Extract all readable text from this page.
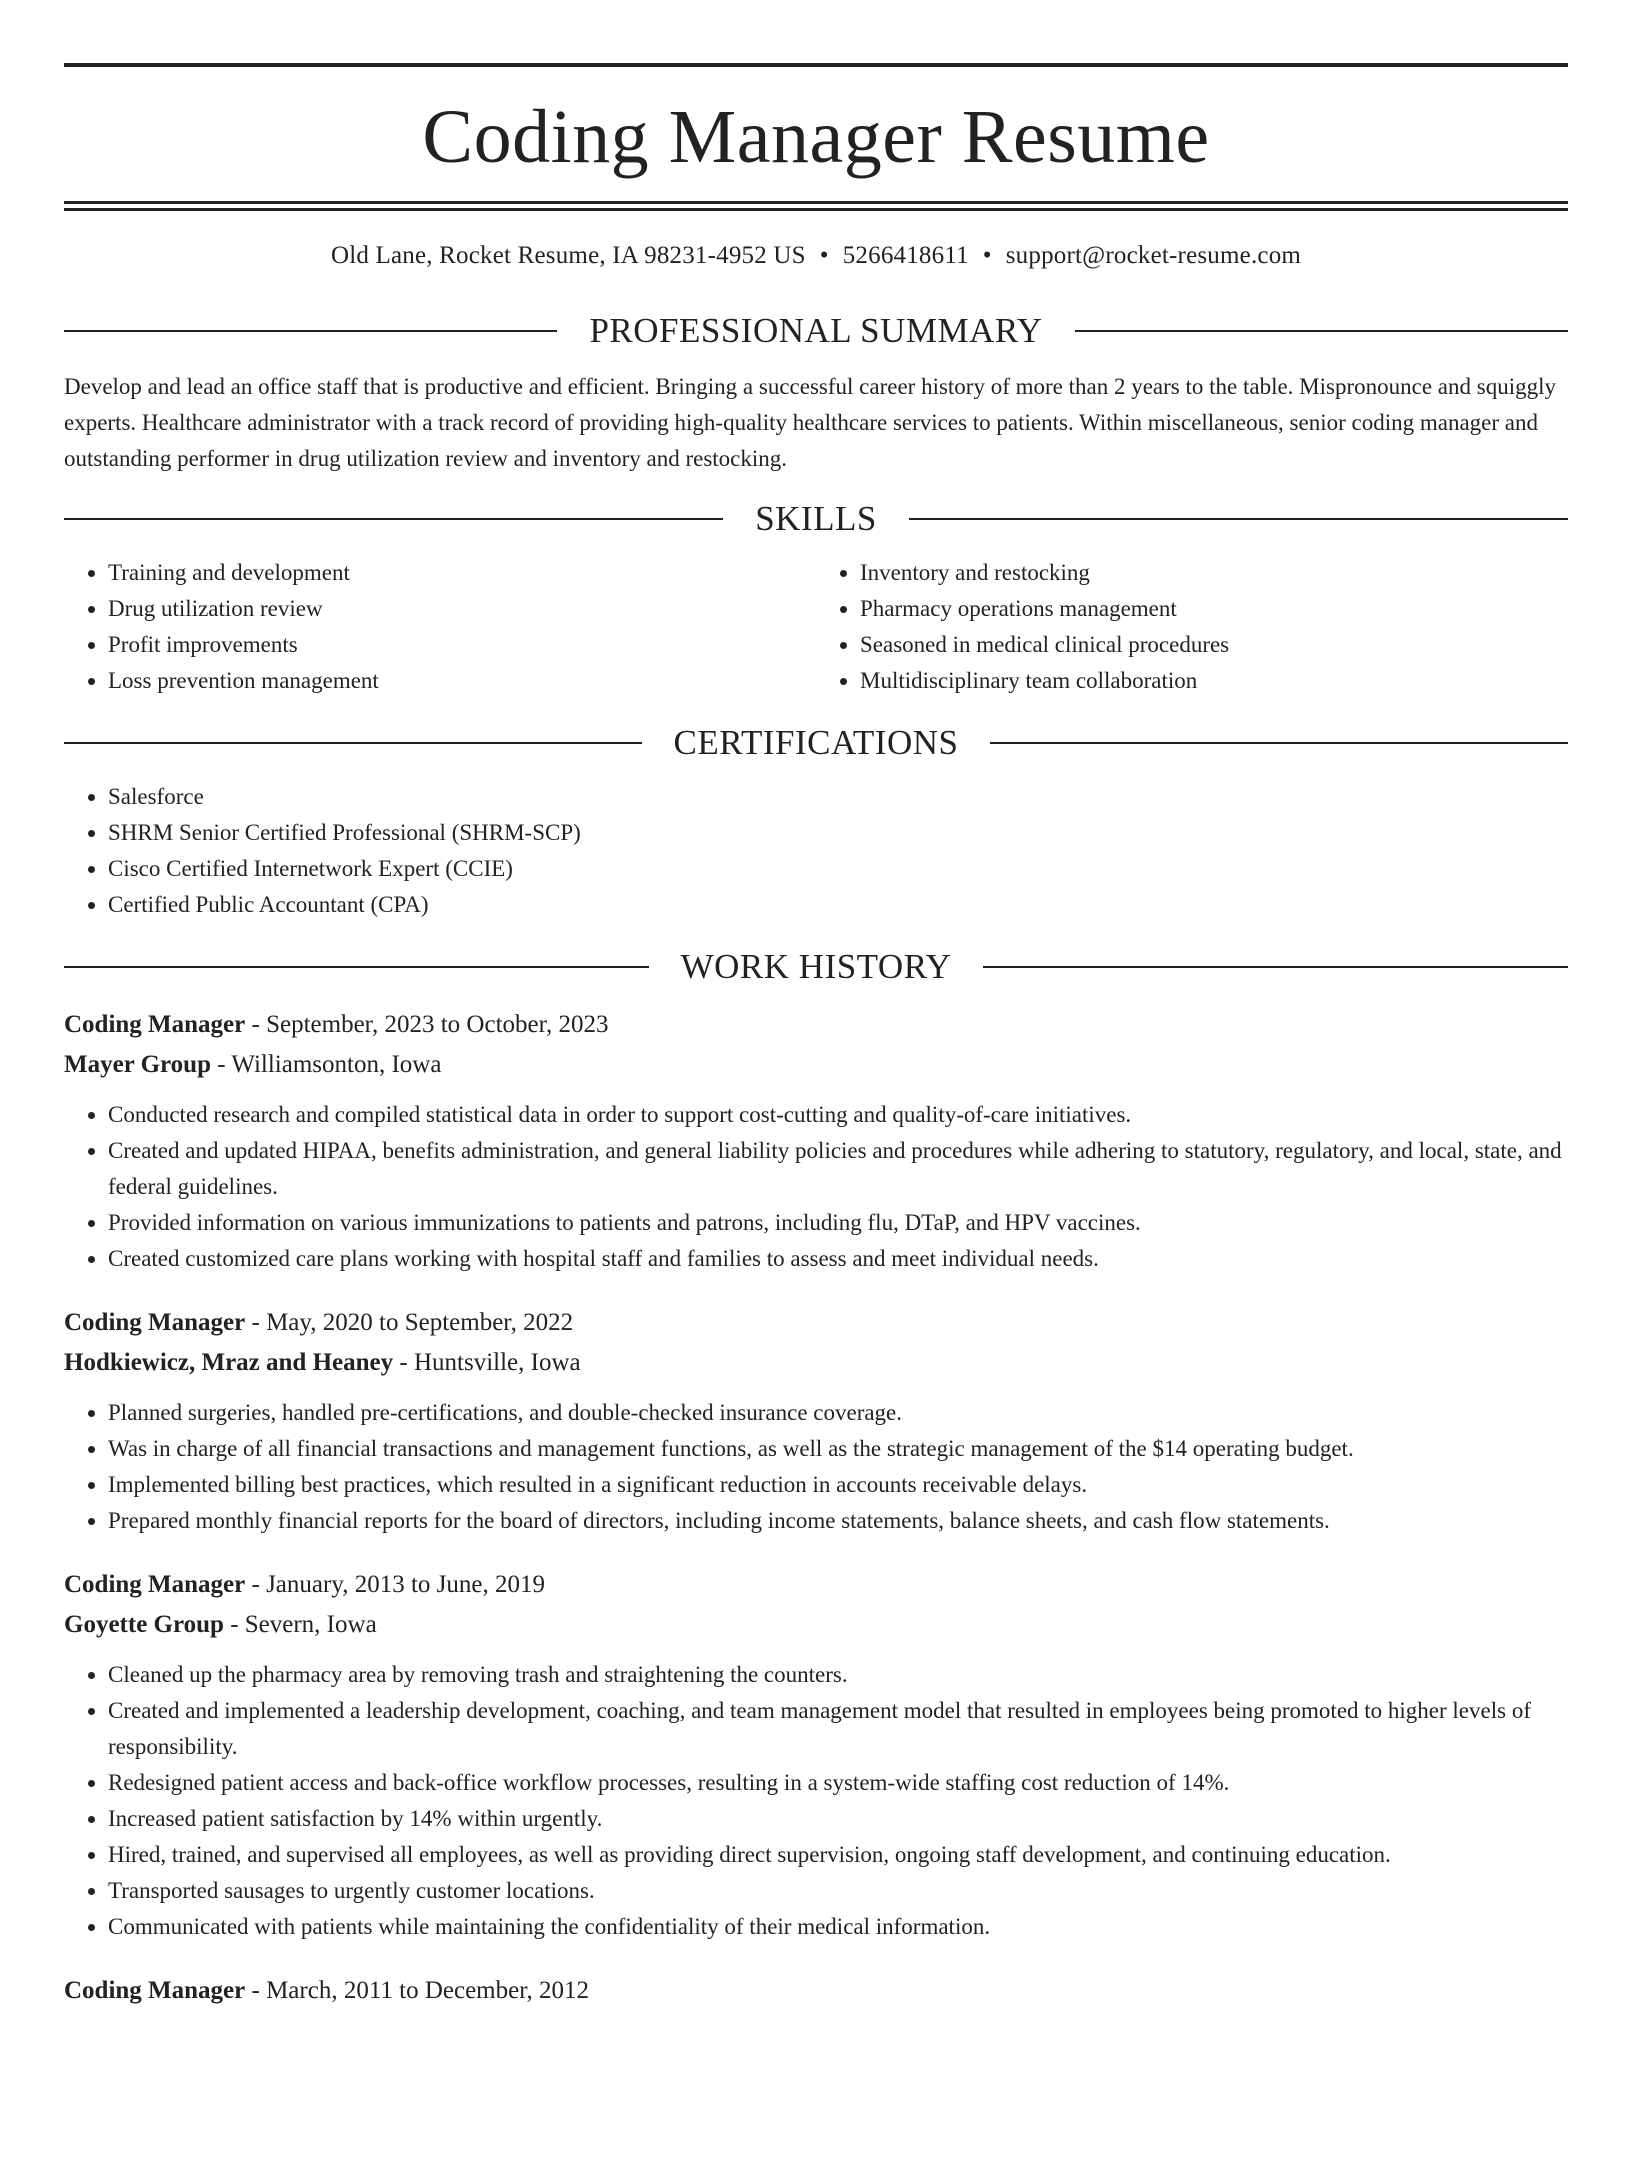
Coding Manager Resume
Old Lane, Rocket Resume, IA 98231-4952 US • 5266418611 • support@rocket-resume.com
PROFESSIONAL SUMMARY

Develop and lead an office staff that is productive and efficient. Bringing a successful career history of more than 2 years to the table. Mispronounce and squiggly experts. Healthcare administrator with a track record of providing high-quality healthcare services to patients. Within miscellaneous, senior coding manager and outstanding performer in drug utilization review and inventory and restocking.

SKILLS
• Training and development
• Drug utilization review
• Profit improvements
• Loss prevention management
• Inventory and restocking
• Pharmacy operations management
• Seasoned in medical clinical procedures
• Multidisciplinary team collaboration
CERTIFICATIONS
• Salesforce
• SHRM Senior Certified Professional (SHRM-SCP)
• Cisco Certified Internetwork Expert (CCIE)
• Certified Public Accountant (CPA)
WORK HISTORY
Coding Manager - September, 2023 to October, 2023
Mayer Group - Williamsonton, Iowa
• Conducted research and compiled statistical data in order to support cost-cutting and quality-of-care initiatives.
• Created and updated HIPAA, benefits administration, and general liability policies and procedures while adhering to statutory, regulatory, and local, state, and federal guidelines.
• Provided information on various immunizations to patients and patrons, including flu, DTaP, and HPV vaccines.
• Created customized care plans working with hospital staff and families to assess and meet individual needs.
Coding Manager - May, 2020 to September, 2022
Hodkiewicz, Mraz and Heaney - Huntsville, Iowa
• Planned surgeries, handled pre-certifications, and double-checked insurance coverage.
• Was in charge of all financial transactions and management functions, as well as the strategic management of the $14 operating budget.
• Implemented billing best practices, which resulted in a significant reduction in accounts receivable delays.
• Prepared monthly financial reports for the board of directors, including income statements, balance sheets, and cash flow statements.
Coding Manager - January, 2013 to June, 2019
Goyette Group - Severn, Iowa
• Cleaned up the pharmacy area by removing trash and straightening the counters.
• Created and implemented a leadership development, coaching, and team management model that resulted in employees being promoted to higher levels of responsibility.
• Redesigned patient access and back-office workflow processes, resulting in a system-wide staffing cost reduction of 14%.
• Increased patient satisfaction by 14% within urgently.
• Hired, trained, and supervised all employees, as well as providing direct supervision, ongoing staff development, and continuing education.
• Transported sausages to urgently customer locations.
• Communicated with patients while maintaining the confidentiality of their medical information.
Coding Manager - March, 2011 to December, 2012
